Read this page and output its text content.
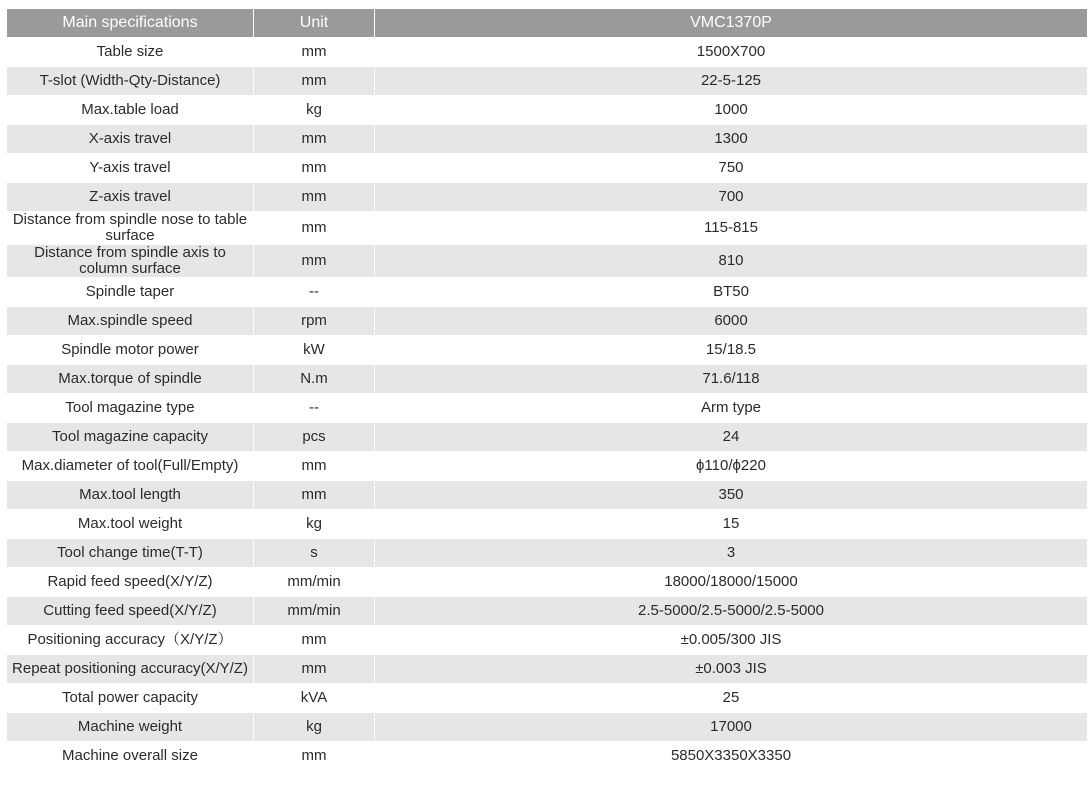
Main specifications	Unit	VMC1370P
Table size	mm	1500X700
T-slot (Width-Qty-Distance)	mm	22-5-125
Max.table load	kg	1000
X-axis travel	mm	1300
Y-axis travel	mm	750
Z-axis travel	mm	700
Distance from spindle nose to table surface	mm	115-815
Distance from spindle axis to column surface	mm	810
Spindle taper	--	BT50
Max.spindle speed	rpm	6000
Spindle motor power	kW	15/18.5
Max.torque of spindle	N.m	71.6/118
Tool magazine type	--	Arm type
Tool magazine capacity	pcs	24
Max.diameter of tool(Full/Empty)	mm	ϕ110/ϕ220
Max.tool length	mm	350
Max.tool weight	kg	15
Tool change time(T-T)	s	3
Rapid feed speed(X/Y/Z)	mm/min	18000/18000/15000
Cutting feed speed(X/Y/Z)	mm/min	2.5-5000/2.5-5000/2.5-5000
Positioning accuracy（X/Y/Z）	mm	±0.005/300 JIS
Repeat positioning accuracy(X/Y/Z)	mm	±0.003 JIS
Total power capacity	kVA	25
Machine weight	kg	17000
Machine overall size	mm	5850X3350X3350
